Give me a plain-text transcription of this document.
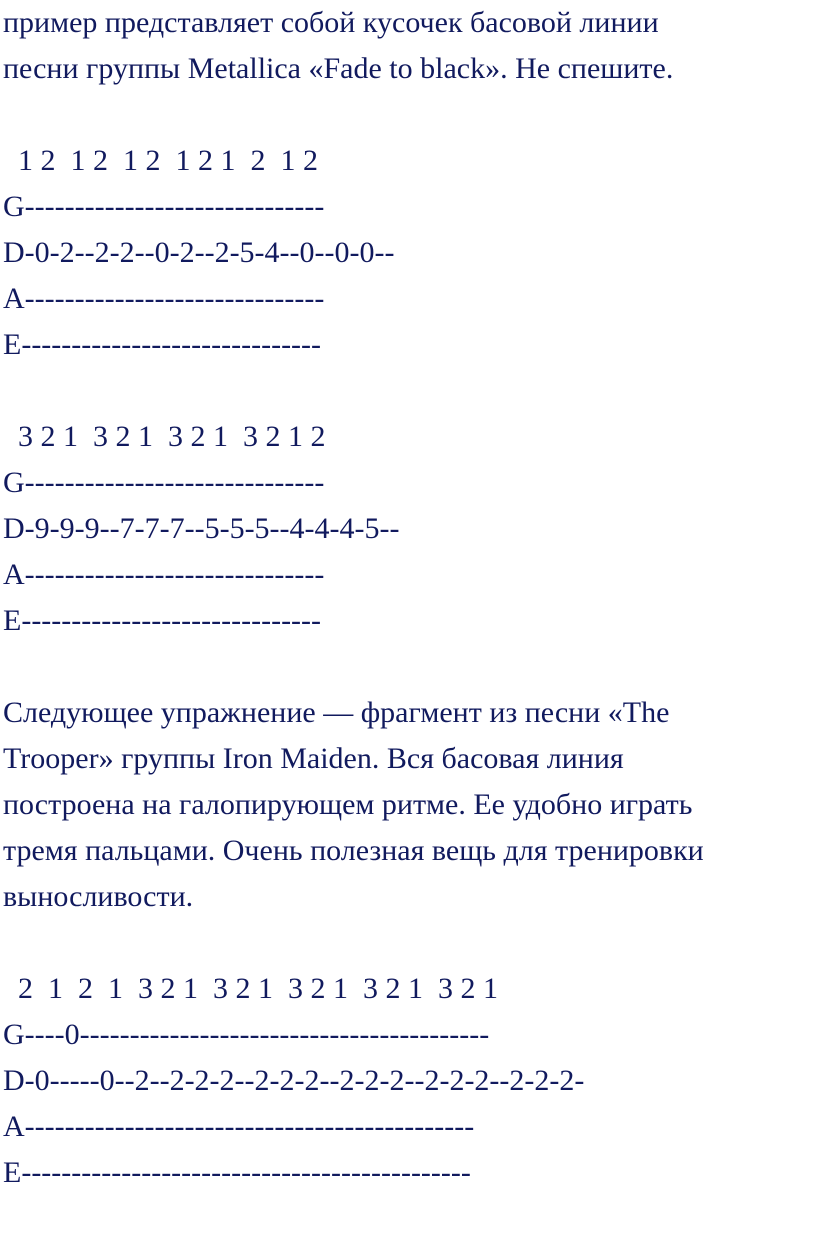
пример представляет собой кусочек басовой линии

песни группы Metallica «Fade to black». Не спешите.

1 2  1 2  1 2  1 2 1  2  1 2

G------------------------------

D-0-2--2-2--0-2--2-5-4--0--0-0--

A------------------------------

E------------------------------

3 2 1  3 2 1  3 2 1  3 2 1 2

G------------------------------

D-9-9-9--7-7-7--5-5-5--4-4-4-5--

A------------------------------

E------------------------------

Следующее упражнение — фрагмент из песни «The

Trooper» группы Iron Maiden. Вся басовая линия

построена на галопирующем ритме. Ее удобно играть

тремя пальцами. Очень полезная вещь для тренировки

выносливости.

2  1  2  1  3 2 1  3 2 1  3 2 1  3 2 1  3 2 1

G----0-----------------------------------------

D-0-----0--2--2-2-2--2-2-2--2-2-2--2-2-2--2-2-2-

A---------------------------------------------

E---------------------------------------------
